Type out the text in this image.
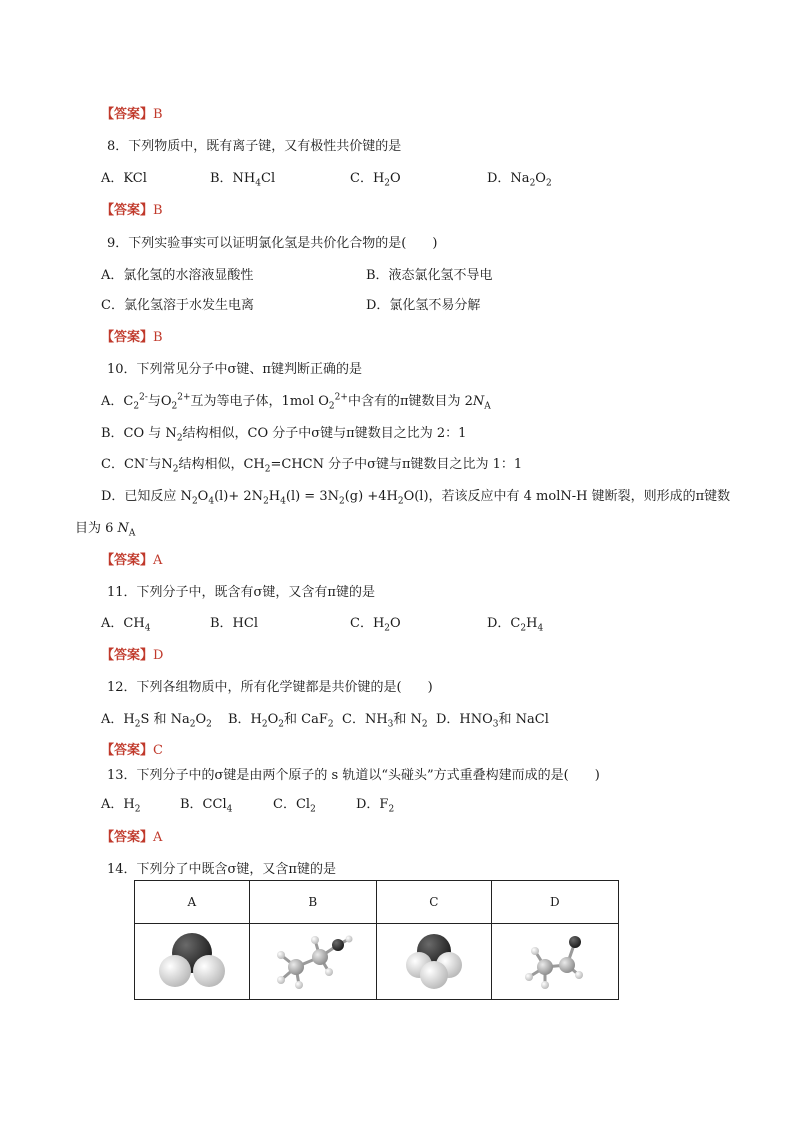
【答案】B
8．下列物质中，既有离子键，又有极性共价键的是
A．KCl	B．$NH_4Cl$	C．$H_2O$	D．$Na_2O_2$
【答案】B
9．下列实验事实可以证明氯化氢是共价化合物的是(　　)
A．氯化氢的水溶液显酸性	B．液态氯化氢不导电
C．氯化氢溶于水发生电离	D．氯化氢不易分解
【答案】B
10．下列常见分子中σ键、π键判断正确的是
A．$C_2^{2-}$与$O_2^{2+}$互为等电子体，1mol $O_2^{2+}$中含有的π键数目为 $2N_A$
B．CO 与 $N_2$结构相似，CO 分子中σ键与π键数目之比为 2：1
C．CN-与$N_2$结构相似，$CH_2=CHCN$ 分子中σ键与π键数目之比为 1：1
D．已知反应 $N_2O_4(l)+ 2N_2H_4(l) = 3N_2(g) +4H_2O(l)$，若该反应中有 4 molN-H 键断裂，则形成的π键数
目为 6 $N_A$
【答案】A
11．下列分子中，既含有σ键，又含有π键的是
A．$CH_4$	B．HCl	C．$H_2O$	D．$C_2H_4$
【答案】D
12．下列各组物质中，所有化学键都是共价键的是(　　)
A．$H_2S$ 和 $Na_2O_2$ B．$H_2O_2$和 CaF$_2$ C．$NH_3$和 $N_2$ D．$HNO_3$和 NaCl
【答案】C
13．下列分子中的σ键是由两个原子的 s 轨道以“头碰头”方式重叠构建而成的是(　　)
A．$H_2$	B．CCl$_4$	C．$Cl_2$	D．$F_2$
【答案】A
14．下列分了中既含σ键，又含π键的是
A	B	C	D
